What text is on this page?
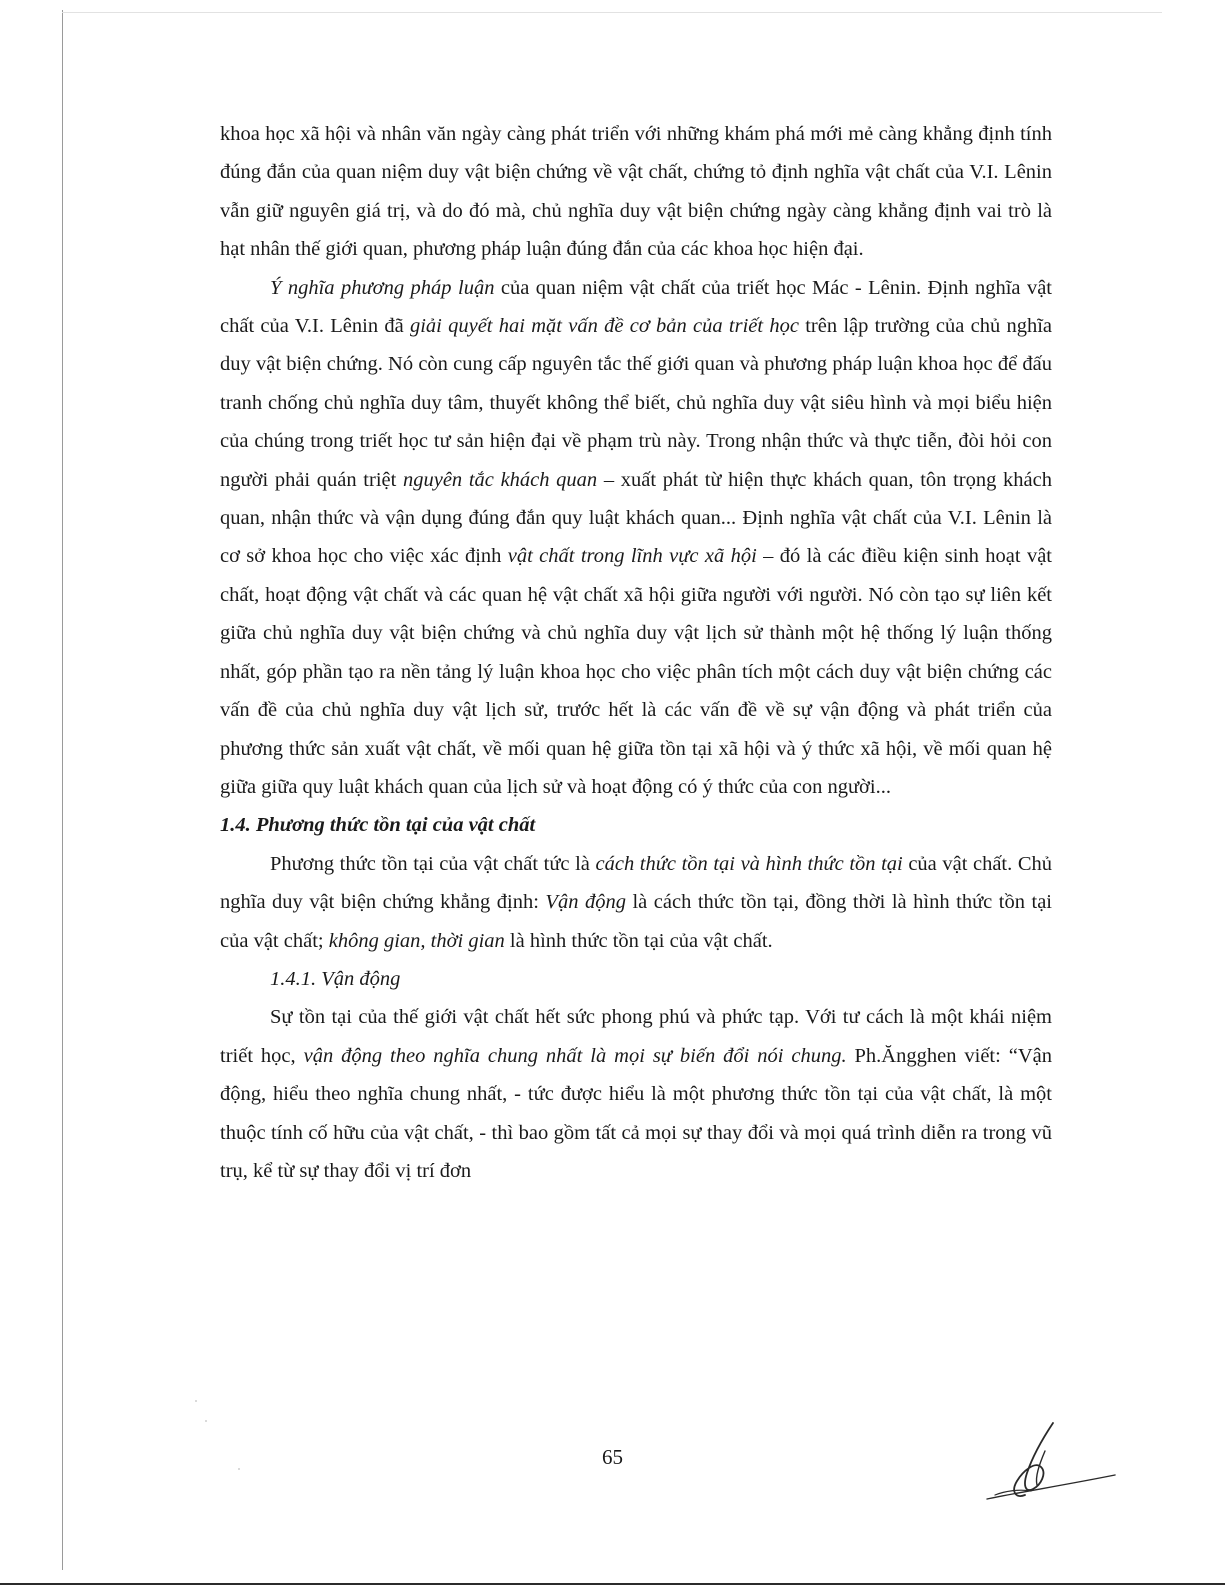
khoa học xã hội và nhân văn ngày càng phát triển với những khám phá mới mẻ càng khẳng định tính đúng đắn của quan niệm duy vật biện chứng về vật chất, chứng tỏ định nghĩa vật chất của V.I. Lênin vẫn giữ nguyên giá trị, và do đó mà, chủ nghĩa duy vật biện chứng ngày càng khẳng định vai trò là hạt nhân thế giới quan, phương pháp luận đúng đắn của các khoa học hiện đại.

Ý nghĩa phương pháp luận của quan niệm vật chất của triết học Mác - Lênin. Định nghĩa vật chất của V.I. Lênin đã giải quyết hai mặt vấn đề cơ bản của triết học trên lập trường của chủ nghĩa duy vật biện chứng. Nó còn cung cấp nguyên tắc thế giới quan và phương pháp luận khoa học để đấu tranh chống chủ nghĩa duy tâm, thuyết không thể biết, chủ nghĩa duy vật siêu hình và mọi biểu hiện của chúng trong triết học tư sản hiện đại về phạm trù này. Trong nhận thức và thực tiễn, đòi hỏi con người phải quán triệt nguyên tắc khách quan – xuất phát từ hiện thực khách quan, tôn trọng khách quan, nhận thức và vận dụng đúng đắn quy luật khách quan... Định nghĩa vật chất của V.I. Lênin là cơ sở khoa học cho việc xác định vật chất trong lĩnh vực xã hội – đó là các điều kiện sinh hoạt vật chất, hoạt động vật chất và các quan hệ vật chất xã hội giữa người với người. Nó còn tạo sự liên kết giữa chủ nghĩa duy vật biện chứng và chủ nghĩa duy vật lịch sử thành một hệ thống lý luận thống nhất, góp phần tạo ra nền tảng lý luận khoa học cho việc phân tích một cách duy vật biện chứng các vấn đề của chủ nghĩa duy vật lịch sử, trước hết là các vấn đề về sự vận động và phát triển của phương thức sản xuất vật chất, về mối quan hệ giữa tồn tại xã hội và ý thức xã hội, về mối quan hệ giữa giữa quy luật khách quan của lịch sử và hoạt động có ý thức của con người...

1.4. Phương thức tồn tại của vật chất

Phương thức tồn tại của vật chất tức là cách thức tồn tại và hình thức tồn tại của vật chất. Chủ nghĩa duy vật biện chứng khẳng định: Vận động là cách thức tồn tại, đồng thời là hình thức tồn tại của vật chất; không gian, thời gian là hình thức tồn tại của vật chất.

1.4.1. Vận động

Sự tồn tại của thế giới vật chất hết sức phong phú và phức tạp. Với tư cách là một khái niệm triết học, vận động theo nghĩa chung nhất là mọi sự biến đổi nói chung. Ph.Ăngghen viết: “Vận động, hiểu theo nghĩa chung nhất, - tức được hiểu là một phương thức tồn tại của vật chất, là một thuộc tính cố hữu của vật chất, - thì bao gồm tất cả mọi sự thay đổi và mọi quá trình diễn ra trong vũ trụ, kể từ sự thay đổi vị trí đơn

65
